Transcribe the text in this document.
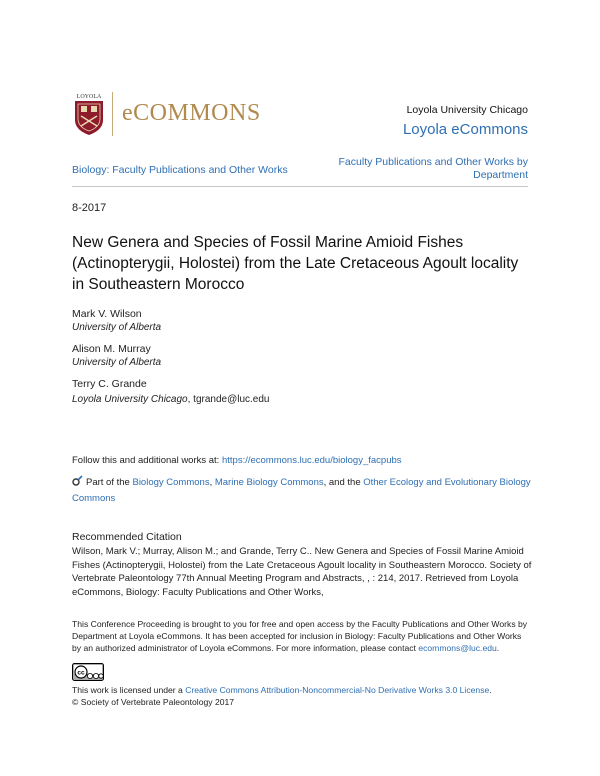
LOYOLA
eCOMMONS	Loyola University Chicago
Loyola eCommons
Biology: Faculty Publications and Other Works
Faculty Publications and Other Works by Department
8-2017
New Genera and Species of Fossil Marine Amioid Fishes (Actinopterygii, Holostei) from the Late Cretaceous Agoult locality in Southeastern Morocco
Mark V. Wilson
University of Alberta
Alison M. Murray
University of Alberta
Terry C. Grande
Loyola University Chicago, tgrande@luc.edu
Follow this and additional works at: https://ecommons.luc.edu/biology_facpubs
Part of the Biology Commons, Marine Biology Commons, and the Other Ecology and Evolutionary Biology Commons
Recommended Citation
Wilson, Mark V.; Murray, Alison M.; and Grande, Terry C.. New Genera and Species of Fossil Marine Amioid Fishes (Actinopterygii, Holostei) from the Late Cretaceous Agoult locality in Southeastern Morocco. Society of Vertebrate Paleontology 77th Annual Meeting Program and Abstracts, , : 214, 2017. Retrieved from Loyola eCommons, Biology: Faculty Publications and Other Works,
This Conference Proceeding is brought to you for free and open access by the Faculty Publications and Other Works by Department at Loyola eCommons. It has been accepted for inclusion in Biology: Faculty Publications and Other Works by an authorized administrator of Loyola eCommons. For more information, please contact ecommons@luc.edu.
cc
This work is licensed under a Creative Commons Attribution-Noncommercial-No Derivative Works 3.0 License.
© Society of Vertebrate Paleontology 2017
